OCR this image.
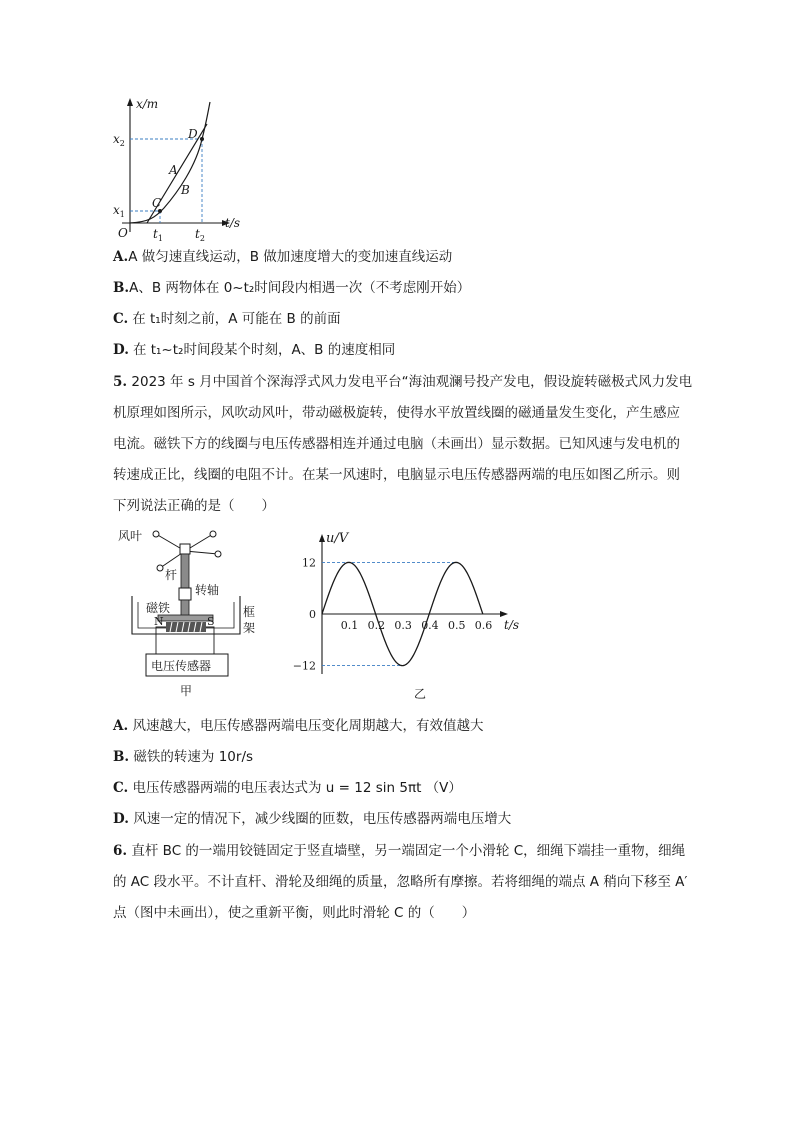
x/m
t/s
O
$x_2$
$x_1$
$t_1$	$t_2$
D
C
A
B
A.A 做匀速直线运动，B 做加速度增大的变加速直线运动
B.A、B 两物体在 0~t₂时间段内相遇一次（不考虑刚开始）
C. 在 t₁时刻之前，A 可能在 B 的前面
D. 在 t₁~t₂时间段某个时刻，A、B 的速度相同
5. 2023 年 s 月中国首个深海浮式风力发电平台“海油观澜号投产发电，假设旋转磁极式风力发电
机原理如图所示，风吹动风叶，带动磁极旋转，使得水平放置线圈的磁通量发生变化，产生感应
电流。磁铁下方的线圈与电压传感器相连并通过电脑（未画出）显示数据。已知风速与发电机的
转速成正比，线圈的电阻不计。在某一风速时，电脑显示电压传感器两端的电压如图乙所示。则
下列说法正确的是（　　）
风叶
杆
转轴
磁铁
N	S
框
架
电压传感器
甲
0.1 0.2 0.3 0.4 0.5 0.6
12
0
−12
u/V
t/s
乙
A. 风速越大，电压传感器两端电压变化周期越大，有效值越大
B. 磁铁的转速为 10r/s
C. 电压传感器两端的电压表达式为 u = 12 sin 5πt （V）
D. 风速一定的情况下，减少线圈的匝数，电压传感器两端电压增大
6. 直杆 BC 的一端用铰链固定于竖直墙壁，另一端固定一个小滑轮 C，细绳下端挂一重物，细绳
的 AC 段水平。不计直杆、滑轮及细绳的质量，忽略所有摩擦。若将细绳的端点 A 稍向下移至 A′
点（图中未画出），使之重新平衡，则此时滑轮 C 的（　　）
